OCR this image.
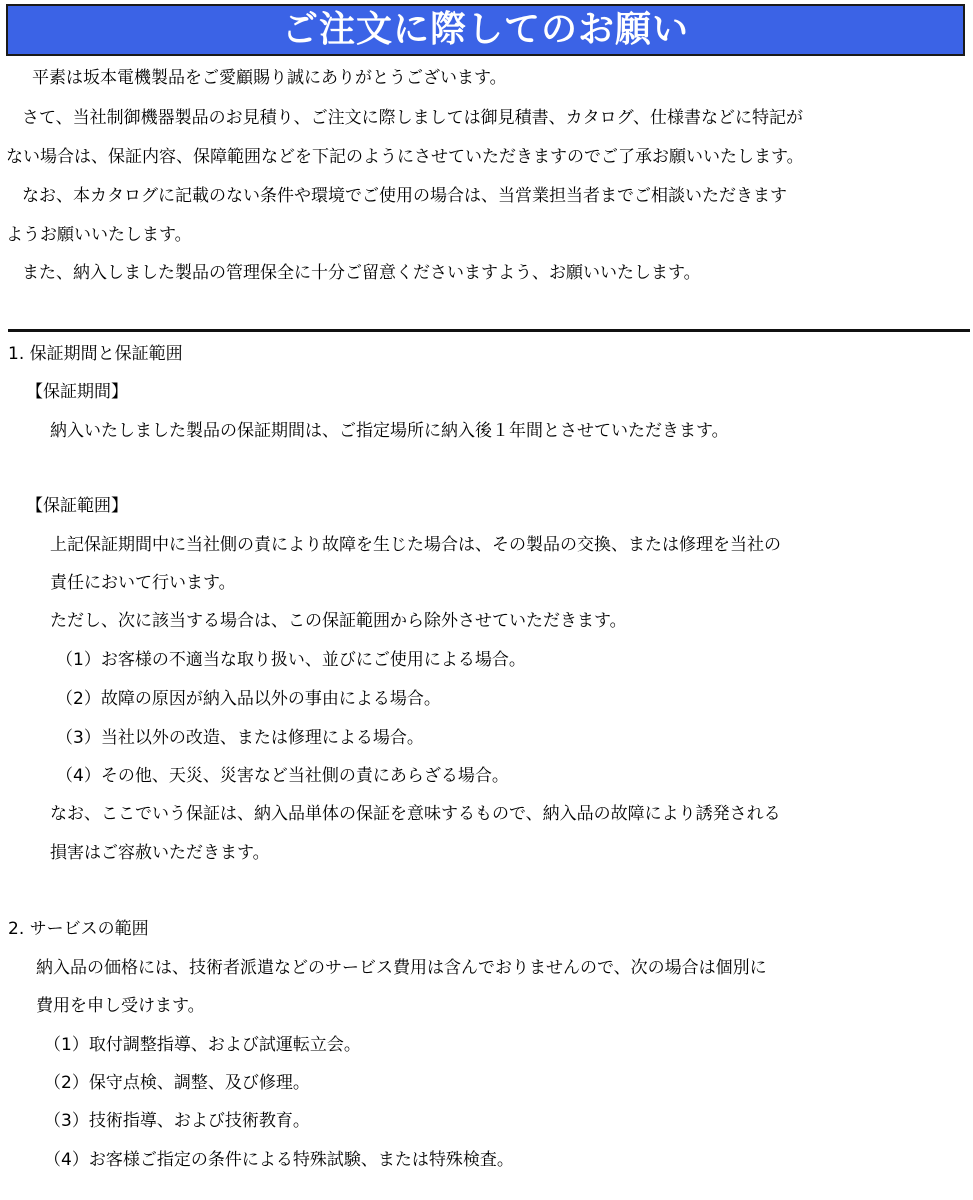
ご注文に際してのお願い
平素は坂本電機製品をご愛顧賜り誠にありがとうございます。
さて、当社制御機器製品のお見積り、ご注文に際しましては御見積書、カタログ、仕様書などに特記が
ない場合は、保証内容、保障範囲などを下記のようにさせていただきますのでご了承お願いいたします。
なお、本カタログに記載のない条件や環境でご使用の場合は、当営業担当者までご相談いただきます
ようお願いいたします。
また、納入しました製品の管理保全に十分ご留意くださいますよう、お願いいたします。
1. 保証期間と保証範囲
【保証期間】
納入いたしました製品の保証期間は、ご指定場所に納入後１年間とさせていただきます。
【保証範囲】
上記保証期間中に当社側の責により故障を生じた場合は、その製品の交換、または修理を当社の
責任において行います。
ただし、次に該当する場合は、この保証範囲から除外させていただきます。
（1）お客様の不適当な取り扱い、並びにご使用による場合。
（2）故障の原因が納入品以外の事由による場合。
（3）当社以外の改造、または修理による場合。
（4）その他、天災、災害など当社側の責にあらざる場合。
なお、ここでいう保証は、納入品単体の保証を意味するもので、納入品の故障により誘発される
損害はご容赦いただきます。
2. サービスの範囲
納入品の価格には、技術者派遣などのサービス費用は含んでおりませんので、次の場合は個別に
費用を申し受けます。
（1）取付調整指導、および試運転立会。
（2）保守点検、調整、及び修理。
（3）技術指導、および技術教育。
（4）お客様ご指定の条件による特殊試験、または特殊検査。
